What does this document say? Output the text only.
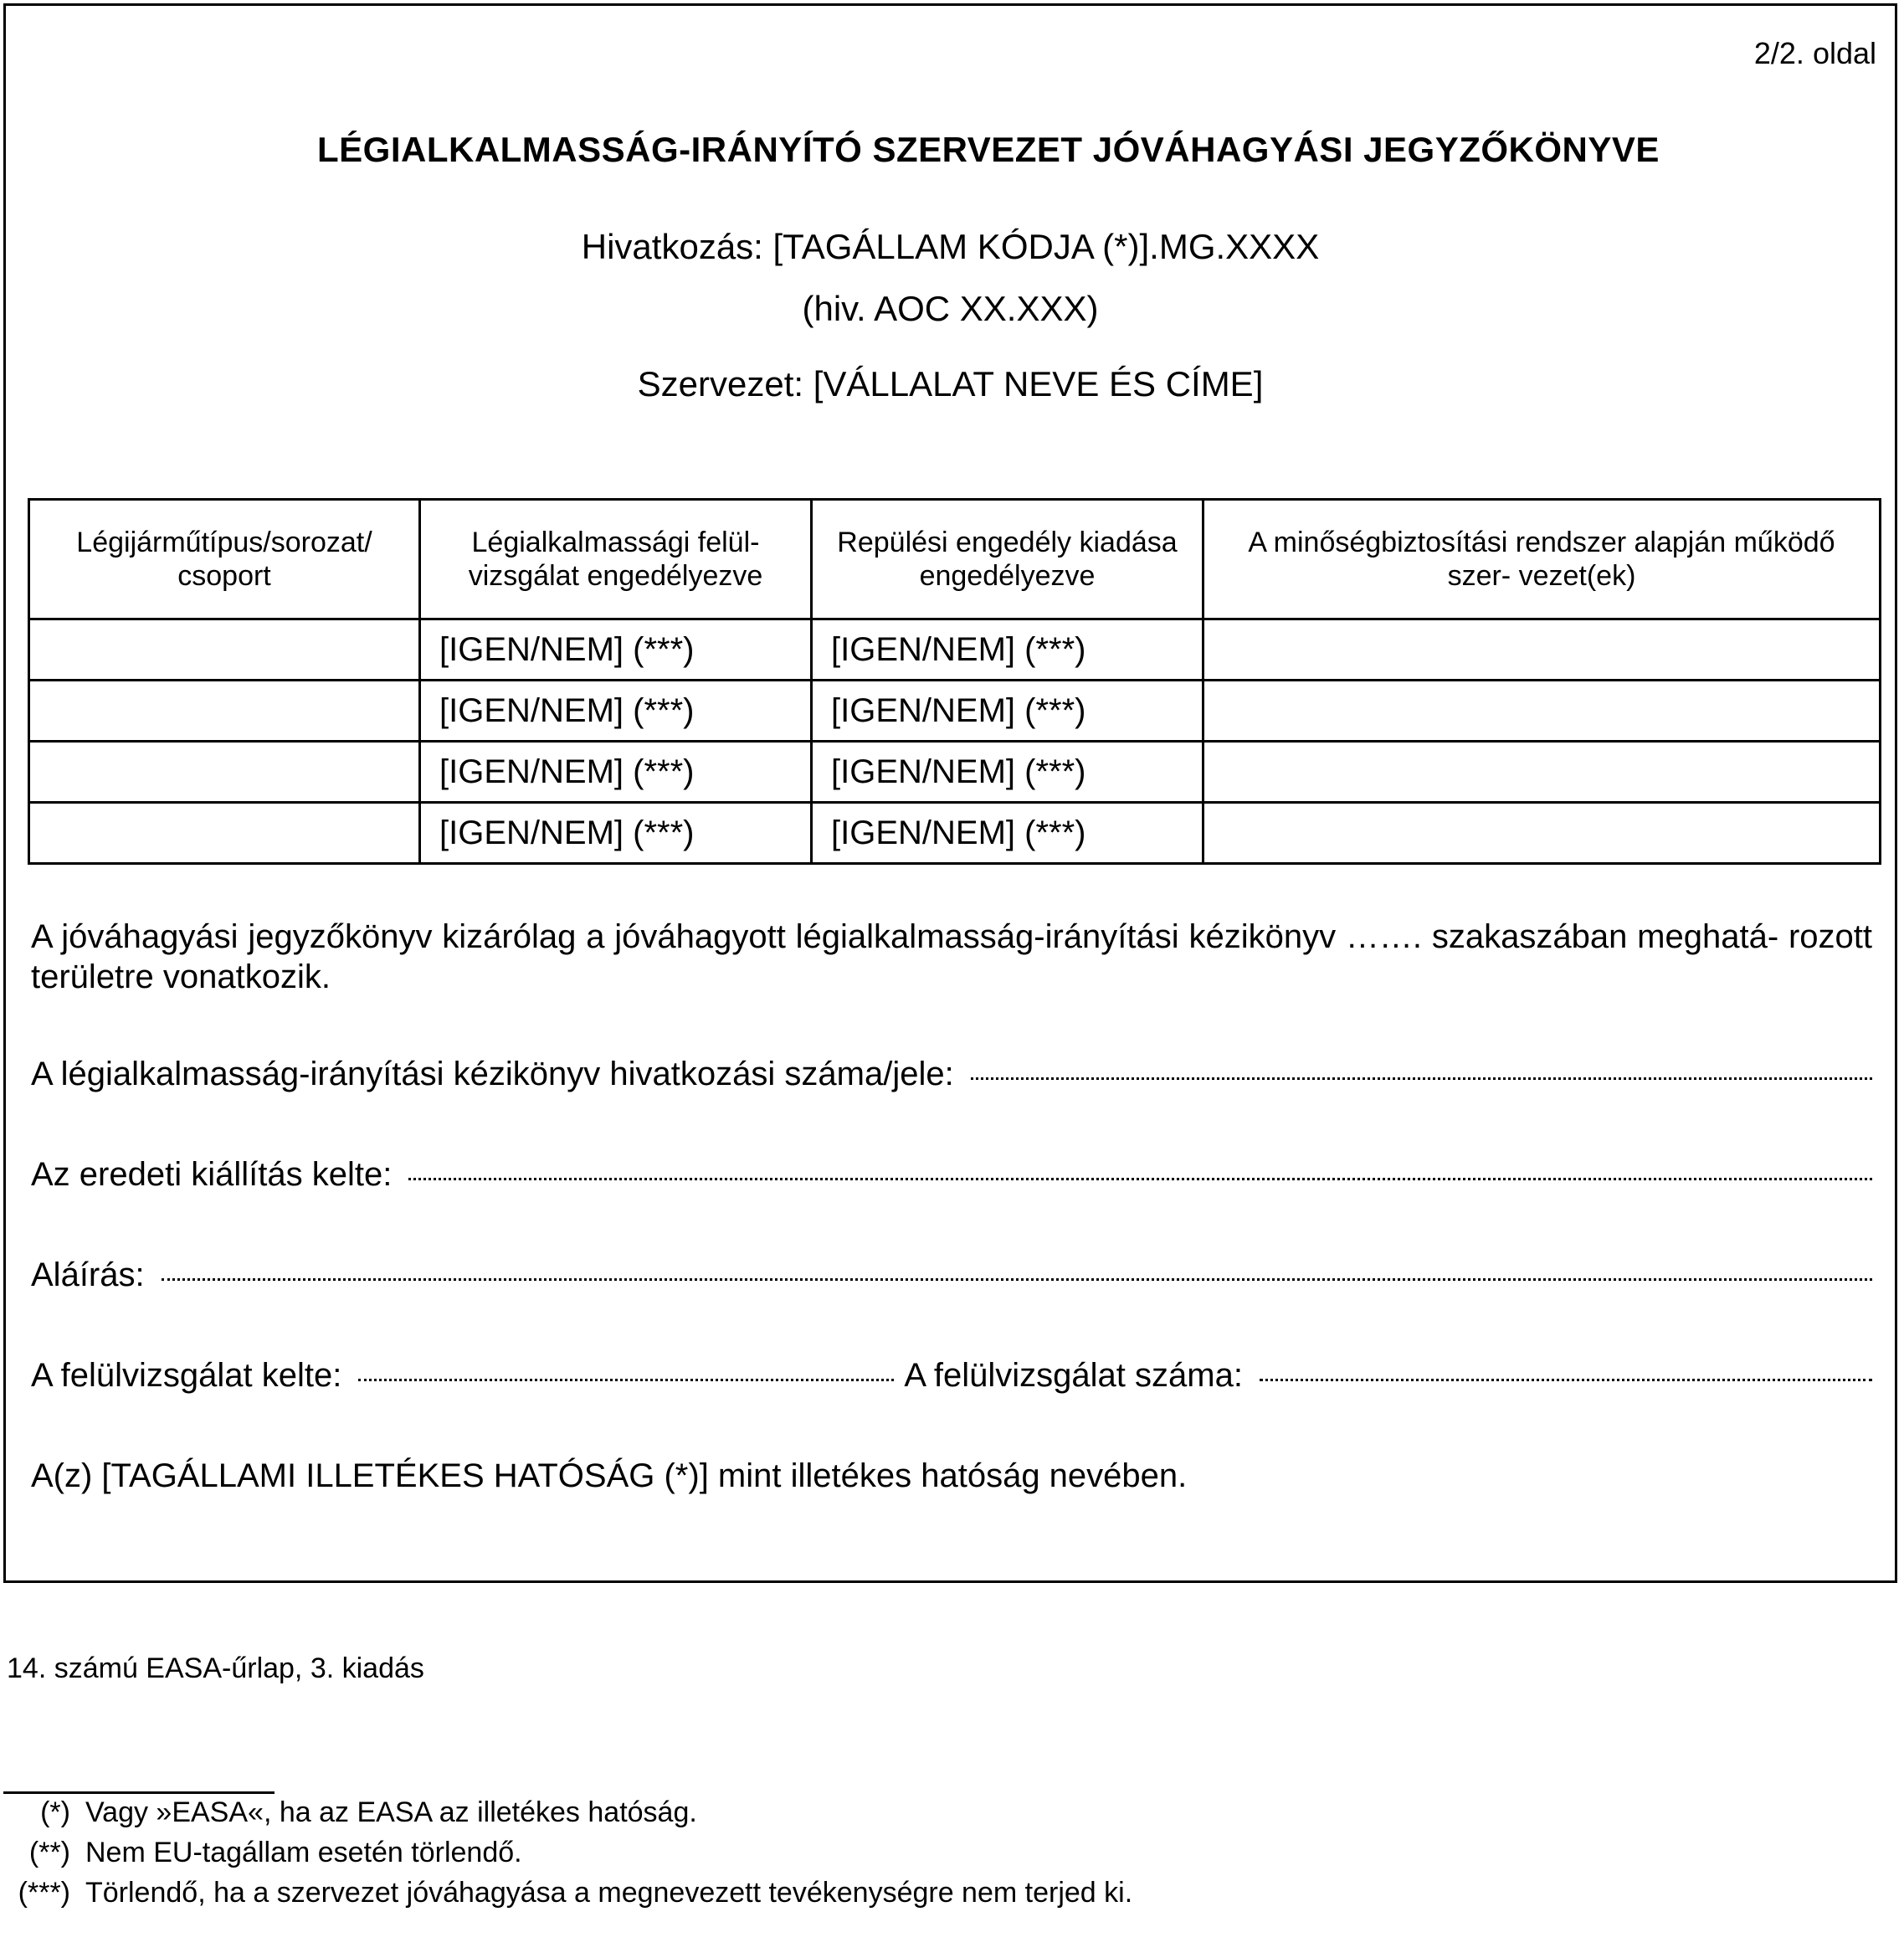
2/2. oldal
LÉGIALKALMASSÁG-IRÁNYÍTÓ SZERVEZET JÓVÁHAGYÁSI JEGYZŐKÖNYVE
Hivatkozás: [TAGÁLLAM KÓDJA (*)].MG.XXXX
(hiv. AOC XX.XXX)
Szervezet: [VÁLLALAT NEVE ÉS CÍME]
Légijárműtípus/sorozat/ csoport	Légialkalmassági felül- vizsgálat engedélyezve	Repülési engedély kiadása engedélyezve	A minőségbiztosítási rendszer alapján működő szer- vezet(ek)
	[IGEN/NEM] (***)	[IGEN/NEM] (***)	
	[IGEN/NEM] (***)	[IGEN/NEM] (***)	
	[IGEN/NEM] (***)	[IGEN/NEM] (***)	
	[IGEN/NEM] (***)	[IGEN/NEM] (***)	
A jóváhagyási jegyzőkönyv kizárólag a jóváhagyott légialkalmasság-irányítási kézikönyv ……. szakaszában meghatá- rozott területre vonatkozik.
A légialkalmasság-irányítási kézikönyv hivatkozási száma/jele:
Az eredeti kiállítás kelte:
Aláírás:
A felülvizsgálat kelte:	A felülvizsgálat száma:
A(z) [TAGÁLLAMI ILLETÉKES HATÓSÁG (*)] mint illetékes hatóság nevében.
14. számú EASA-űrlap, 3. kiadás
(*) Vagy »EASA«, ha az EASA az illetékes hatóság.
(**) Nem EU-tagállam esetén törlendő.
(***) Törlendő, ha a szervezet jóváhagyása a megnevezett tevékenységre nem terjed ki.
